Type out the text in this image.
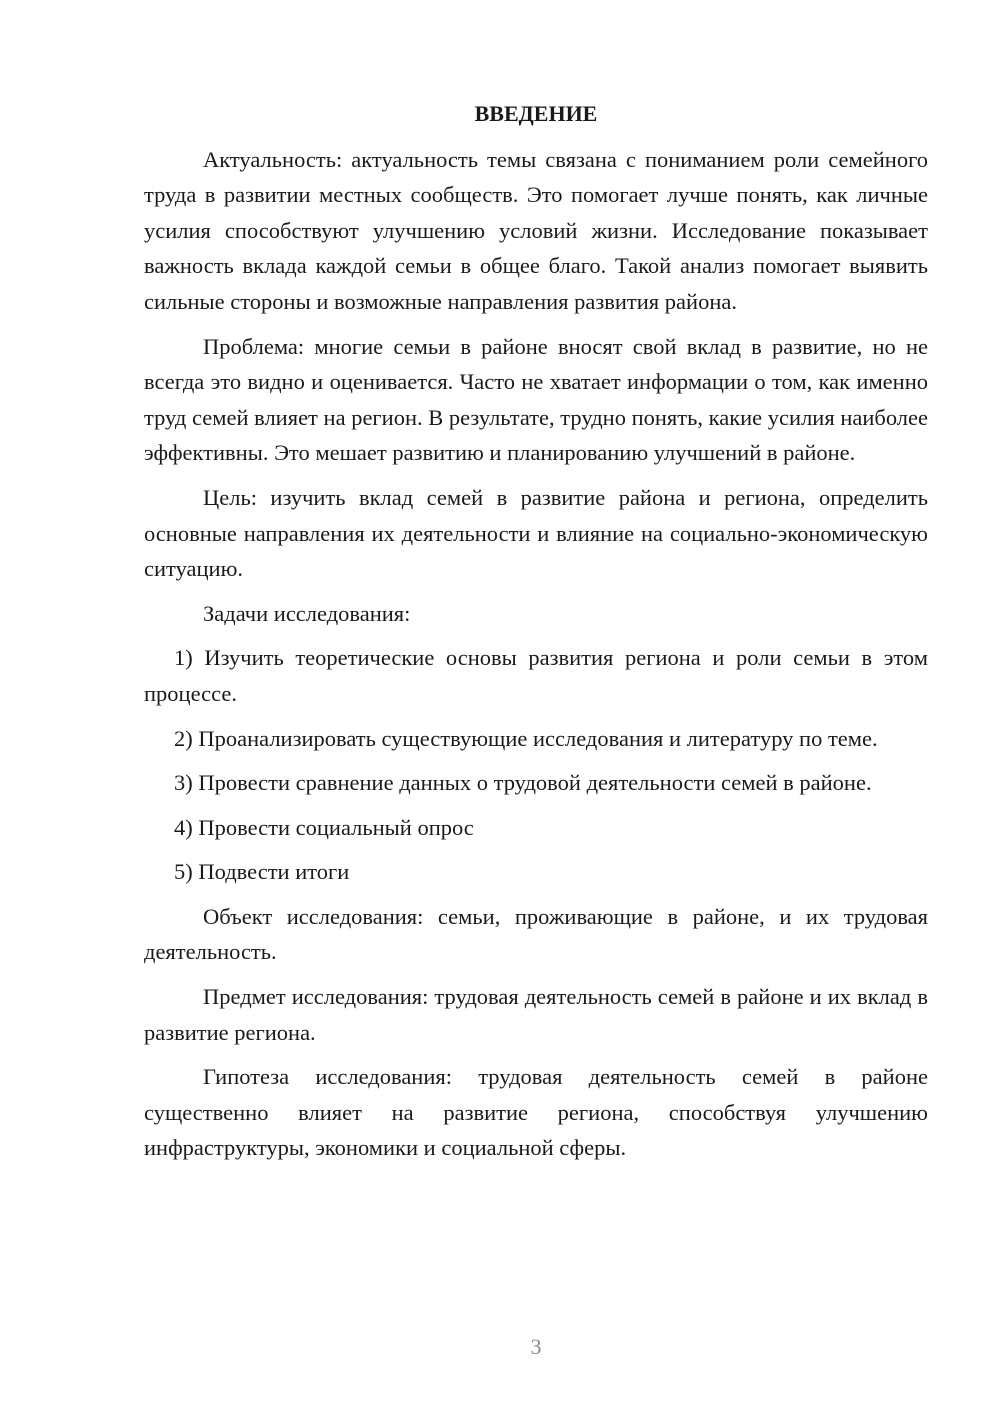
ВВЕДЕНИЕ

Актуальность: актуальность темы связана с пониманием роли семейного труда в развитии местных сообществ. Это помогает лучше понять, как личные усилия способствуют улучшению условий жизни. Исследование показывает важность вклада каждой семьи в общее благо. Такой анализ помогает выявить сильные стороны и возможные направления развития района.

Проблема: многие семьи в районе вносят свой вклад в развитие, но не всегда это видно и оценивается. Часто не хватает информации о том, как именно труд семей влияет на регион. В результате, трудно понять, какие усилия наиболее эффективны. Это мешает развитию и планированию улучшений в районе.

Цель: изучить вклад семей в развитие района и региона, определить основные направления их деятельности и влияние на социально-экономическую ситуацию.

Задачи исследования:

1) Изучить теоретические основы развития региона и роли семьи в этом процессе.

2) Проанализировать существующие исследования и литературу по теме.

3) Провести сравнение данных о трудовой деятельности семей в районе.

4) Провести социальный опрос

5) Подвести итоги

Объект исследования: семьи, проживающие в районе, и их трудовая деятельность.

Предмет исследования: трудовая деятельность семей в районе и их вклад в развитие региона.

Гипотеза исследования: трудовая деятельность семей в районе существенно влияет на развитие региона, способствуя улучшению инфраструктуры, экономики и социальной сферы.

3
